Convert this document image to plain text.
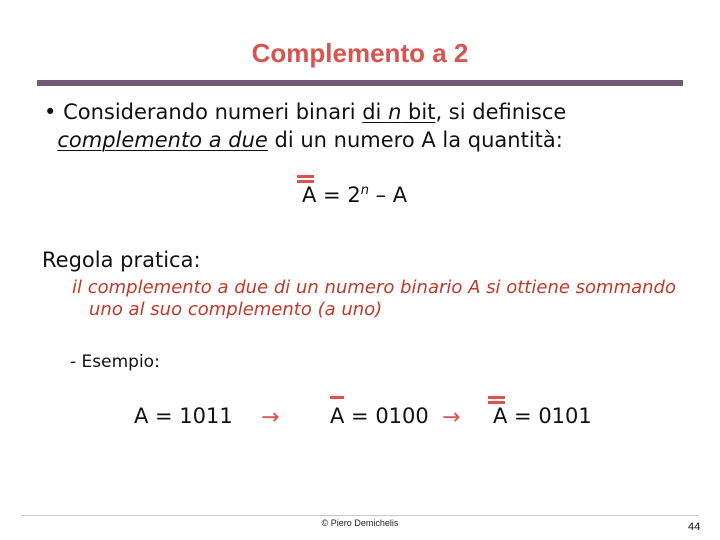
Complemento a 2
• Considerando numeri binari di n bit, si definisce
complemento a due di un numero A la quantità:
$A = 2^n - A$
Regola pratica:
il complemento a due di un numero binario A si ottiene sommando
uno al suo complemento (a uno)
- Esempio:
A = 1011 → A = 0100 → A = 0101
© Piero Demichelis	44
